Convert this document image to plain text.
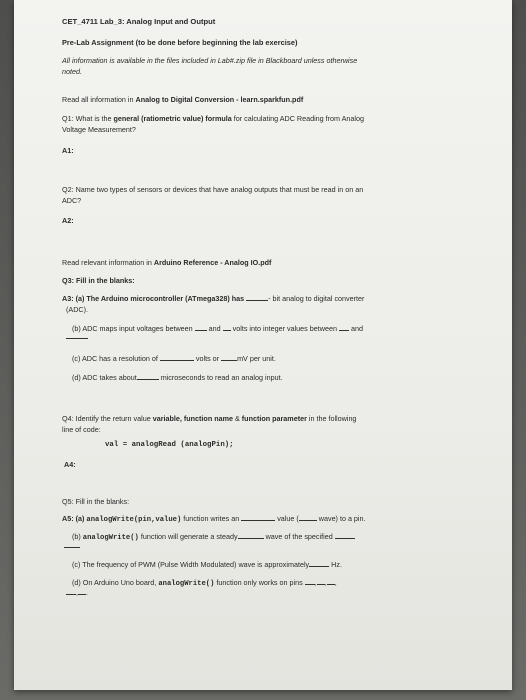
CET_4711 Lab_3: Analog Input and Output
Pre-Lab Assignment (to be done before beginning the lab exercise)
All information is available in the files included in Lab#.zip file in Blackboard unless otherwise
noted.
Read all information in Analog to Digital Conversion - learn.sparkfun.pdf
Q1: What is the general (ratiometric value) formula for calculating ADC Reading from Analog
Voltage Measurement?
A1:
Q2: Name two types of sensors or devices that have analog outputs that must be read in on an
ADC?
A2:
Read relevant information in Arduino Reference - Analog IO.pdf
Q3: Fill in the blanks:
A3: (a) The Arduino microcontroller (ATmega328) has	- bit analog to digital converter
(ADC).
(b) ADC maps input voltages between and volts into integer values between and
(c) ADC has a resolution of	volts or	mV per unit.
(d) ADC takes about	microseconds to read an analog input.
Q4: Identify the return value variable, function name & function parameter in the following
line of code:
val = analogRead (analogPin);
A4:
Q5: Fill in the blanks:
A5: (a) analogWrite(pin,value) function writes an	value (	wave) to a pin.
(b) analogWrite() function will generate a steady	wave of the specified
(c) The frequency of PWM (Pulse Width Modulated) wave is approximately	Hz.
(d) On Arduino Uno board, analogWrite() function only works on pins , , ,
, .
